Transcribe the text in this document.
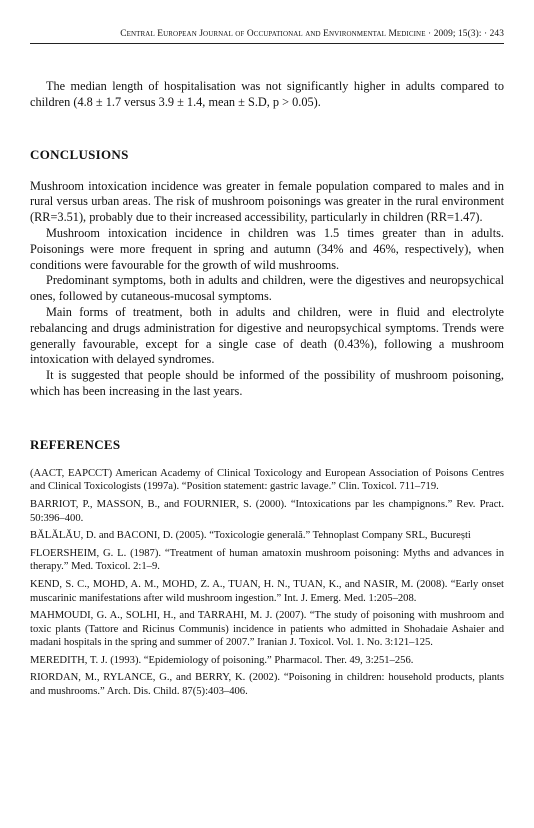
Central European Journal of Occupational and Environmental Medicine · 2009; 15(3): · 243

The median length of hospitalisation was not significantly higher in adults compared to children (4.8 ± 1.7 versus 3.9 ± 1.4, mean ± S.D, p > 0.05).

CONCLUSIONS

Mushroom intoxication incidence was greater in female population compared to males and in rural versus urban areas. The risk of mushroom poisonings was greater in the rural environment (RR=3.51), probably due to their increased accessibility, particularly in children (RR=1.47).

Mushroom intoxication incidence in children was 1.5 times greater than in adults. Poisonings were more frequent in spring and autumn (34% and 46%, respectively), when conditions were favourable for the growth of wild mushrooms.

Predominant symptoms, both in adults and children, were the digestives and neuropsychical ones, followed by cutaneous-mucosal symptoms.

Main forms of treatment, both in adults and children, were in fluid and electrolyte rebalancing and drugs administration for digestive and neuropsychical symptoms. Trends were generally favourable, except for a single case of death (0.43%), following a mushroom intoxication with delayed syndromes.

It is suggested that people should be informed of the possibility of mushroom poisoning, which has been increasing in the last years.

REFERENCES

(AACT, EAPCCT) American Academy of Clinical Toxicology and European Association of Poisons Centres and Clinical Toxicologists (1997a). “Position statement: gastric lavage.” Clin. Toxicol. 711–719.

BARRIOT, P., MASSON, B., and FOURNIER, S. (2000). “Intoxications par les champignons.” Rev. Pract. 50:396–400.

BĂLĂLĂU, D. and BACONI, D. (2005). “Toxicologie generală.” Tehnoplast Company SRL, București

FLOERSHEIM, G. L. (1987). “Treatment of human amatoxin mushroom poisoning: Myths and advances in therapy.” Med. Toxicol. 2:1–9.

KEND, S. C., MOHD, A. M., MOHD, Z. A., TUAN, H. N., TUAN, K., and NASIR, M. (2008). “Early onset muscarinic manifestations after wild mushroom ingestion.” Int. J. Emerg. Med. 1:205–208.

MAHMOUDI, G. A., SOLHI, H., and TARRAHI, M. J. (2007). “The study of poisoning with mushroom and toxic plants (Tattore and Ricinus Communis) incidence in patients who admitted in Shohadaie Ashaier and madani hospitals in the spring and summer of 2007.” Iranian J. Toxicol. Vol. 1. No. 3:121–125.

MEREDITH, T. J. (1993). “Epidemiology of poisoning.” Pharmacol. Ther. 49, 3:251–256.

RIORDAN, M., RYLANCE, G., and BERRY, K. (2002). “Poisoning in children: household products, plants and mushrooms.” Arch. Dis. Child. 87(5):403–406.
